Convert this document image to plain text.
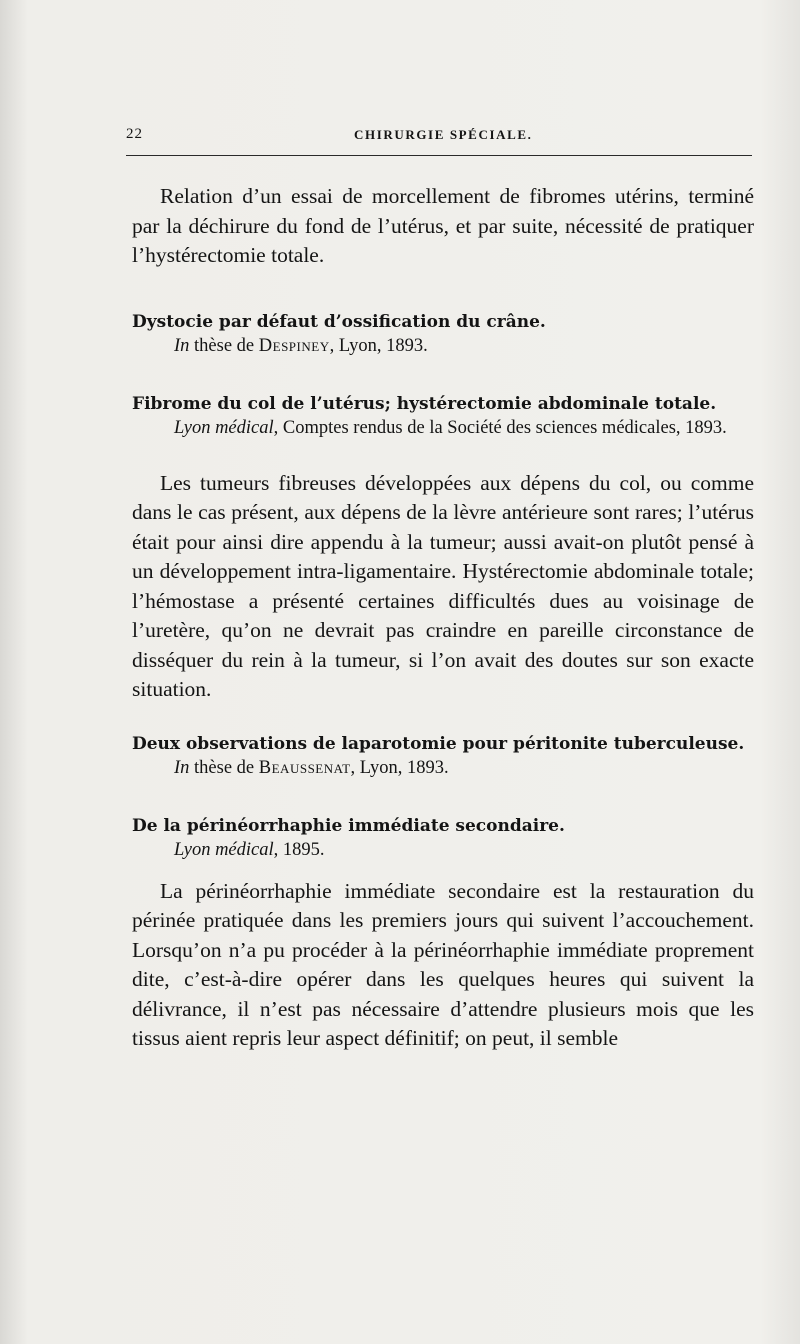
22	CHIRURGIE SPÉCIALE.

Relation d’un essai de morcellement de fibromes utérins, terminé par la déchirure du fond de l’utérus, et par suite, nécessité de pratiquer l’hystérectomie totale.

Dystocie par défaut d’ossification du crâne.

In thèse de Despiney, Lyon, 1893.

Fibrome du col de l’utérus; hystérectomie abdominale totale.

Lyon médical, Comptes rendus de la Société des sciences médicales, 1893.

Les tumeurs fibreuses développées aux dépens du col, ou comme dans le cas présent, aux dépens de la lèvre antérieure sont rares; l’utérus était pour ainsi dire appendu à la tumeur; aussi avait-on plutôt pensé à un développement intra-ligamentaire. Hystérectomie abdominale totale; l’hémostase a présenté certaines difficultés dues au voisinage de l’uretère, qu’on ne devrait pas craindre en pareille circonstance de disséquer du rein à la tumeur, si l’on avait des doutes sur son exacte situation.

Deux observations de laparotomie pour péritonite tuberculeuse.

In thèse de Beaussenat, Lyon, 1893.

De la périnéorrhaphie immédiate secondaire.

Lyon médical, 1895.

La périnéorrhaphie immédiate secondaire est la restauration du périnée pratiquée dans les premiers jours qui suivent l’accouchement. Lorsqu’on n’a pu procéder à la périnéorrhaphie immédiate proprement dite, c’est-à-dire opérer dans les quelques heures qui suivent la délivrance, il n’est pas nécessaire d’attendre plusieurs mois que les tissus aient repris leur aspect définitif; on peut, il semble
